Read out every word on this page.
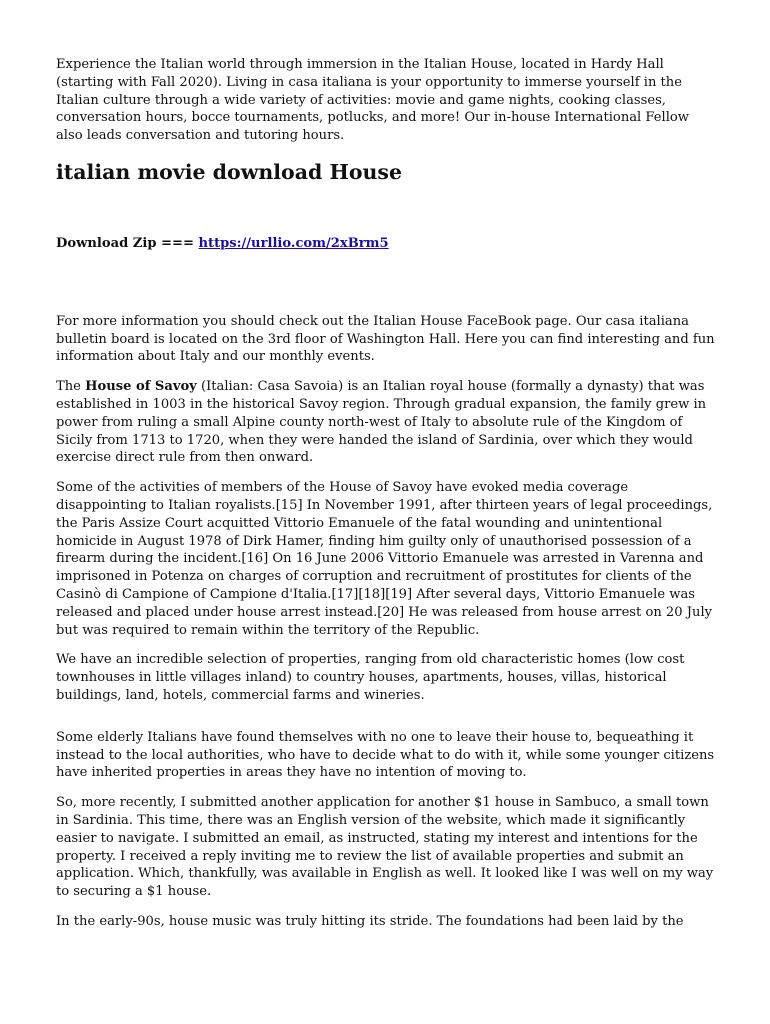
Experience the Italian world through immersion in the Italian House, located in Hardy Hall (starting with Fall 2020). Living in casa italiana is your opportunity to immerse yourself in the Italian culture through a wide variety of activities: movie and game nights, cooking classes, conversation hours, bocce tournaments, potlucks, and more! Our in-house International Fellow also leads conversation and tutoring hours.

italian movie download House
Download Zip === https://urllio.com/2xBrm5

For more information you should check out the Italian House FaceBook page. Our casa italiana bulletin board is located on the 3rd floor of Washington Hall. Here you can find interesting and fun information about Italy and our monthly events.

The House of Savoy (Italian: Casa Savoia) is an Italian royal house (formally a dynasty) that was established in 1003 in the historical Savoy region. Through gradual expansion, the family grew in power from ruling a small Alpine county north-west of Italy to absolute rule of the Kingdom of Sicily from 1713 to 1720, when they were handed the island of Sardinia, over which they would exercise direct rule from then onward.

Some of the activities of members of the House of Savoy have evoked media coverage disappointing to Italian royalists.[15] In November 1991, after thirteen years of legal proceedings, the Paris Assize Court acquitted Vittorio Emanuele of the fatal wounding and unintentional homicide in August 1978 of Dirk Hamer, finding him guilty only of unauthorised possession of a firearm during the incident.[16] On 16 June 2006 Vittorio Emanuele was arrested in Varenna and imprisoned in Potenza on charges of corruption and recruitment of prostitutes for clients of the Casinò di Campione of Campione d'Italia.[17][18][19] After several days, Vittorio Emanuele was released and placed under house arrest instead.[20] He was released from house arrest on 20 July but was required to remain within the territory of the Republic.

We have an incredible selection of properties, ranging from old characteristic homes (low cost townhouses in little villages inland) to country houses, apartments, houses, villas, historical buildings, land, hotels, commercial farms and wineries.

Some elderly Italians have found themselves with no one to leave their house to, bequeathing it instead to the local authorities, who have to decide what to do with it, while some younger citizens have inherited properties in areas they have no intention of moving to.

So, more recently, I submitted another application for another $1 house in Sambuco, a small town in Sardinia. This time, there was an English version of the website, which made it significantly easier to navigate. I submitted an email, as instructed, stating my interest and intentions for the property. I received a reply inviting me to review the list of available properties and submit an application. Which, thankfully, was available in English as well. It looked like I was well on my way to securing a $1 house.

In the early-90s, house music was truly hitting its stride. The foundations had been laid by the
